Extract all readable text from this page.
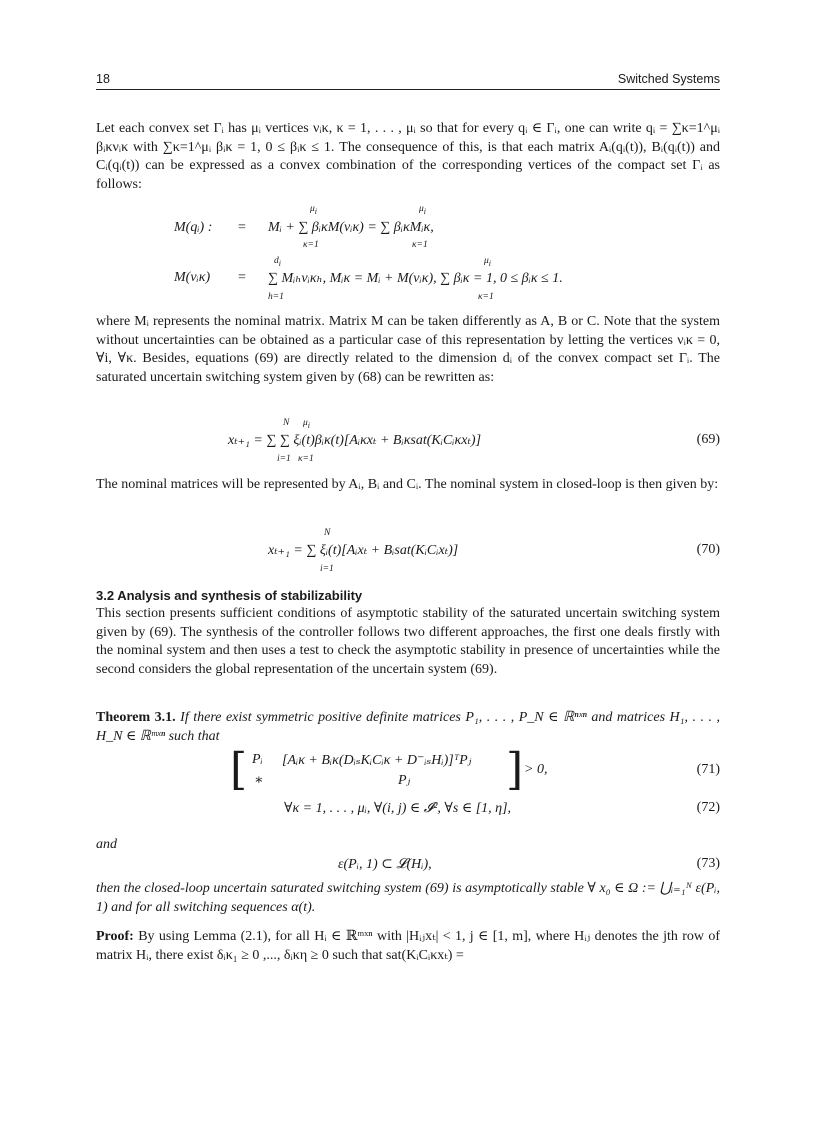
18	Switched Systems

Let each convex set Γᵢ has μᵢ vertices νᵢκ, κ = 1, . . . , μᵢ so that for every qᵢ ∈ Γᵢ, one can write qᵢ = ∑κ=1^μᵢ βᵢκνᵢκ with ∑κ=1^μᵢ βᵢκ = 1, 0 ≤ βᵢκ ≤ 1. The consequence of this, is that each matrix Aᵢ(qᵢ(t)), Bᵢ(qᵢ(t)) and Cᵢ(qᵢ(t)) can be expressed as a convex combination of the corresponding vertices of the compact set Γᵢ as follows:

M(qᵢ) : = Mᵢ + ∑ βᵢκM(νᵢκ) = ∑ βᵢκMᵢκ,
M(νᵢκ) = ∑ Mᵢₕνᵢκₕ, Mᵢκ = Mᵢ + M(νᵢκ), ∑ βᵢκ = 1, 0 ≤ βᵢκ ≤ 1.

where Mᵢ represents the nominal matrix. Matrix M can be taken differently as A, B or C. Note that the system without uncertainties can be obtained as a particular case of this representation by letting the vertices νᵢκ = 0, ∀i, ∀κ. Besides, equations (69) are directly related to the dimension dᵢ of the convex compact set Γᵢ. The saturated uncertain switching system given by (68) can be rewritten as:

xₜ₊₁ = ∑ ∑ ξᵢ(t)βᵢκ(t)[Aᵢκxₜ + Bᵢκsat(KᵢCᵢκxₜ)]	(69)

The nominal matrices will be represented by Aᵢ, Bᵢ and Cᵢ. The nominal system in closed-loop is then given by:

xₜ₊₁ = ∑ ξᵢ(t)[Aᵢxₜ + Bᵢsat(KᵢCᵢxₜ)]	(70)
3.2 Analysis and synthesis of stabilizability

This section presents sufficient conditions of asymptotic stability of the saturated uncertain switching system given by (69). The synthesis of the controller follows two different approaches, the first one deals firstly with the nominal system and then uses a test to check the asymptotic stability in presence of uncertainties while the second considers the global representation of the uncertain system (69).

Theorem 3.1. If there exist symmetric positive definite matrices P₁, . . . , P_N ∈ ℝⁿˣⁿ and matrices H₁, . . . , H_N ∈ ℝᵐˣⁿ such that

[ Pᵢ [Aᵢκ + Bᵢκ(DᵢₛKᵢCᵢκ + D⁻ᵢₛHᵢ)]ᵀPⱼ
∗	Pⱼ ] > 0,	(71)
∀κ = 1, . . . , μᵢ, ∀(i, j) ∈ 𝓘², ∀s ∈ [1, η],	(72)

and

ε(Pᵢ, 1) ⊂ 𝓛(Hᵢ),	(73)

then the closed-loop uncertain saturated switching system (69) is asymptotically stable ∀ x₀ ∈ Ω := ⋃ᵢ₌₁ᴺ ε(Pᵢ, 1) and for all switching sequences α(t).

Proof: By using Lemma (2.1), for all Hᵢ ∈ ℝᵐˣⁿ with |Hᵢⱼxₜ| < 1, j ∈ [1, m], where Hᵢⱼ denotes the jth row of matrix Hᵢ, there exist δᵢκ₁ ≥ 0 ,..., δᵢκη ≥ 0 such that sat(KᵢCᵢκxₜ) =

$\mu_i$
κ=1
$\mu_i$
κ=1
$d_i$
h=1
$\mu_i$
κ=1
N
i=1
$\mu_i$
κ=1
N
i=1
